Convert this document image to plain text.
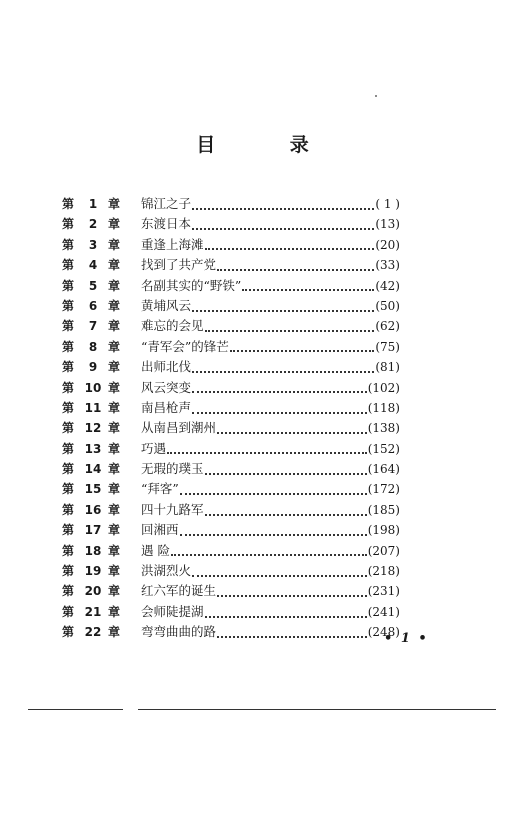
目 录
第 1 章	锦江之子	( 1 )
第 2 章	东渡日本	(13)
第 3 章	重逢上海滩	(20)
第 4 章	找到了共产党	(33)
第 5 章	名副其实的“野铁”	(42)
第 6 章	黄埔风云	(50)
第 7 章	难忘的会见	(62)
第 8 章	“青军会”的锋芒	(75)
第 9 章	出师北伐	(81)
第 10 章	风云突变	(102)
第 11 章	南昌枪声	(118)
第 12 章	从南昌到潮州	(138)
第 13 章	巧遇	(152)
第 14 章	无瑕的璞玉	(164)
第 15 章	“拜客”	(172)
第 16 章	四十九路军	(185)
第 17 章	回湘西	(198)
第 18 章	遇 险	(207)
第 19 章	洪湖烈火	(218)
第 20 章	红六军的诞生	(231)
第 21 章	会师陡提湖	(241)
第 22 章	弯弯曲曲的路	(248)
• 1 •
